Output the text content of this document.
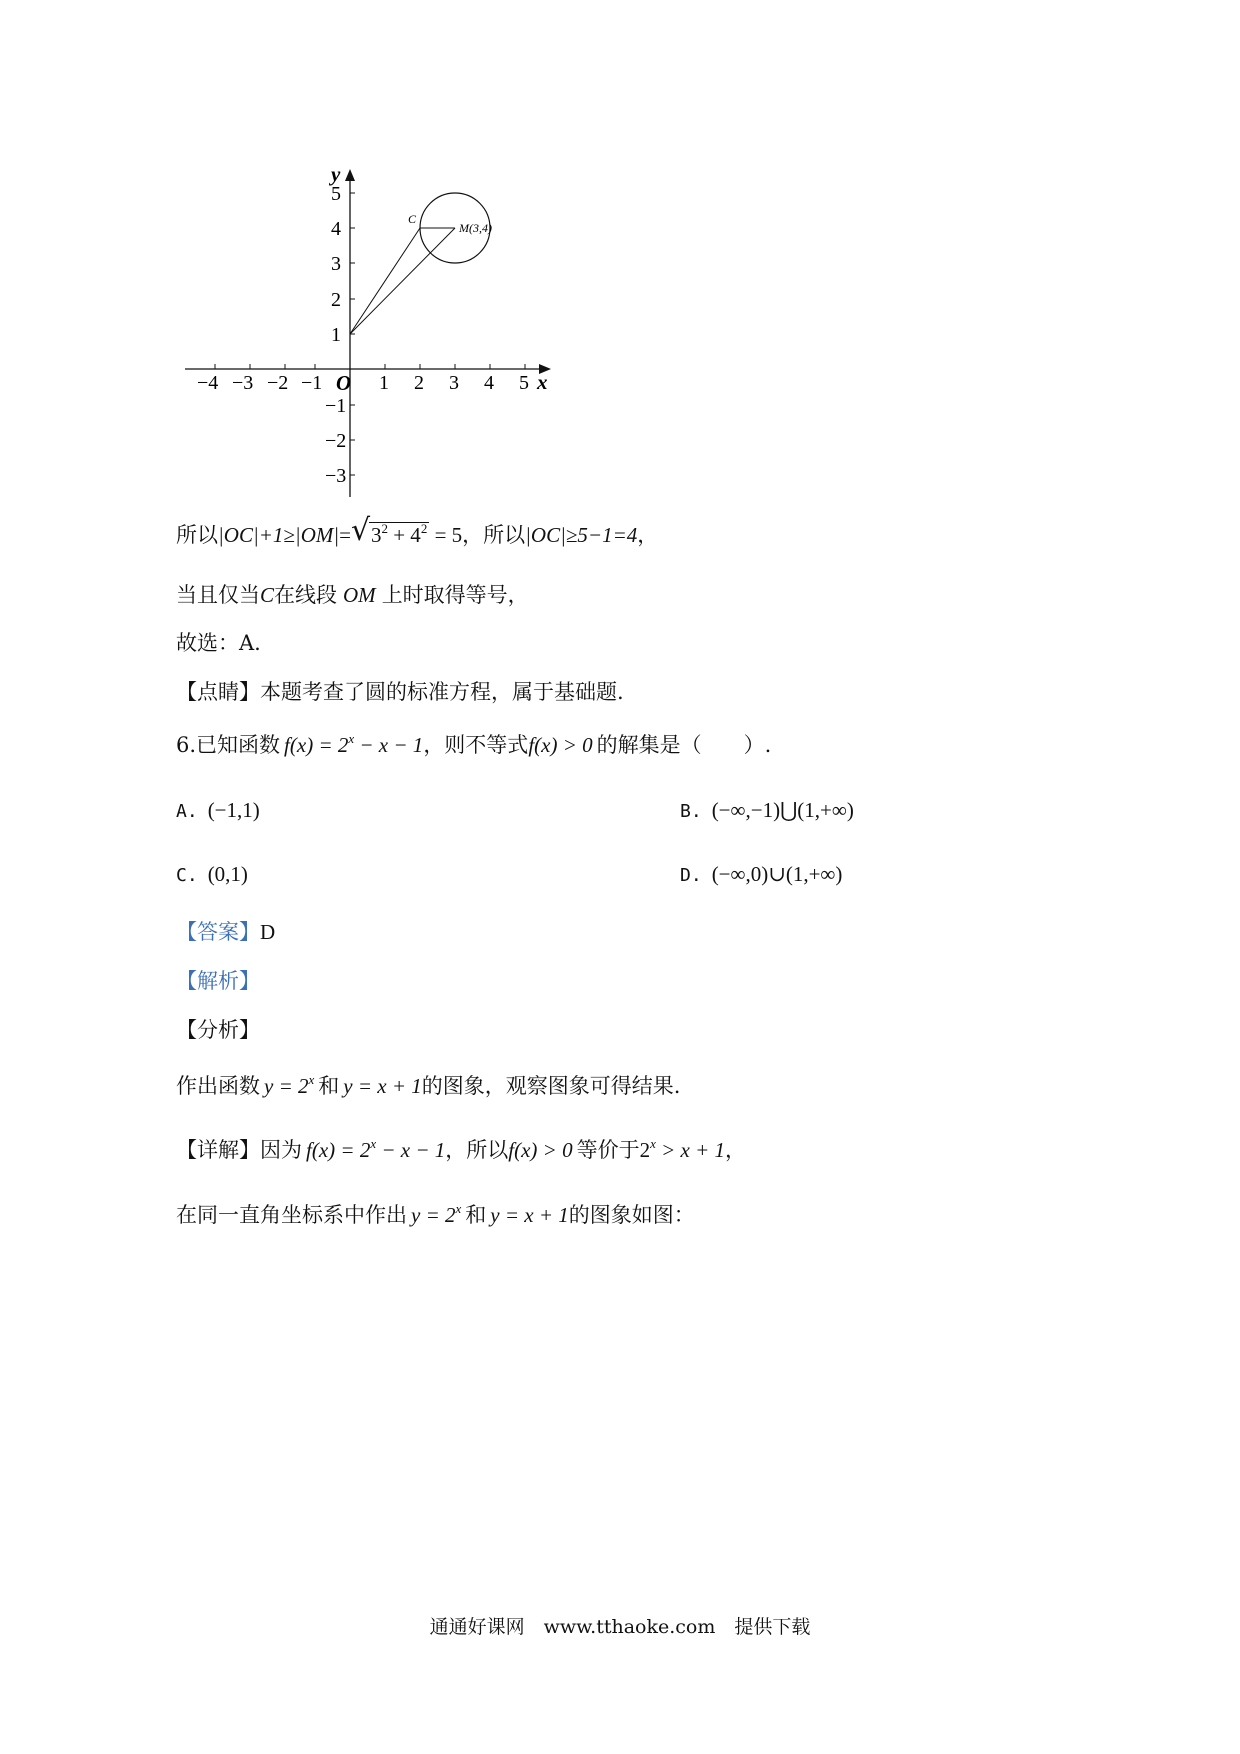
−4 −3 −2 −1 O 1 2 3 4 5 x
y
5
4
3
2
1
−1
−2
−3
C
M(3,4)
所以|OC|+1≥|OM|= √ $3^2 + 4^2 = 5$，所以|OC|≥5−1=4，
当且仅当C在线段 OM 上时取得等号，
故选：A.
【点睛】本题考查了圆的标准方程，属于基础题.
6.已知函数 $f(x) = 2^x - x - 1$，则不等式f(x) > 0 的解集是（　　）.
A. (−1,1)	B. (−∞,−1)⋃(1,+∞)
C. (0,1)	D. (−∞,0)∪(1,+∞)
【答案】D
【解析】
【分析】
作出函数 $y = 2^x$ 和 y = x + 1的图象，观察图象可得结果.
【详解】因为 $f(x) = 2^x - x - 1$，所以f(x) > 0 等价于$2^x > x + 1$，
在同一直角坐标系中作出 $y = 2^x$ 和 y = x + 1的图象如图：
通通好课网　www.tthaoke.com　提供下载
